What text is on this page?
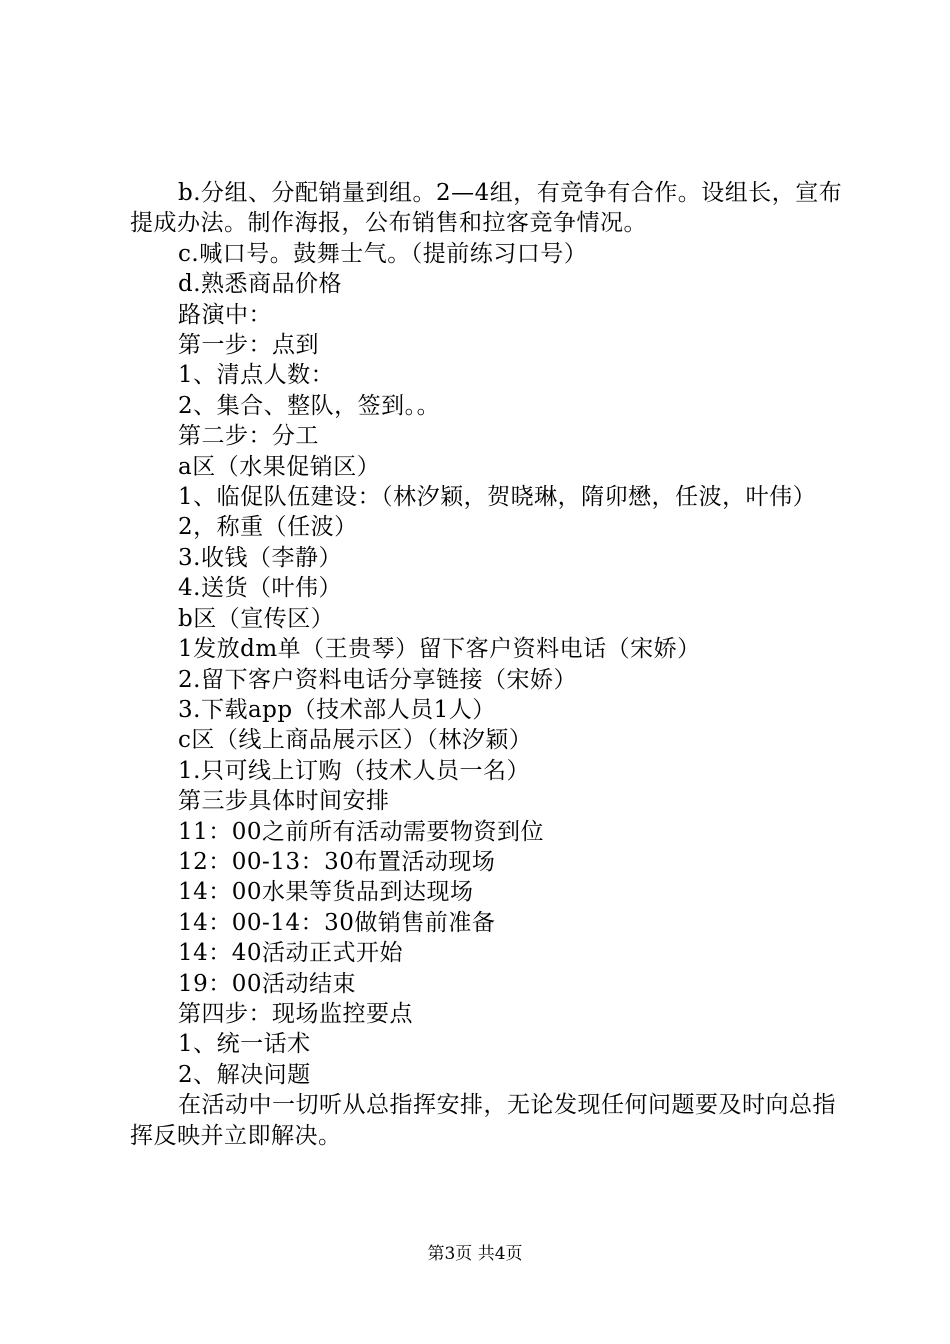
b.分组、分配销量到组。2—4组，有竞争有合作。设组长，宣布提成办法。制作海报，公布销售和拉客竞争情况。

c.喊口号。鼓舞士气。（提前练习口号）

d.熟悉商品价格

路演中：

第一步：点到

1、清点人数：

2、集合、整队，签到。。

第二步：分工

a区（水果促销区）

1、临促队伍建设：（林汐颖，贺晓琳，隋卯懋，任波，叶伟）

2，称重（任波）

3.收钱（李静）

4.送货（叶伟）

b区（宣传区）

1发放dm单（王贵琴）留下客户资料电话（宋娇）

2.留下客户资料电话分享链接（宋娇）

3.下载app（技术部人员1人）

c区（线上商品展示区）（林汐颖）

1.只可线上订购（技术人员一名）

第三步具体时间安排

11：00之前所有活动需要物资到位

12：00-13：30布置活动现场

14：00水果等货品到达现场

14：00-14：30做销售前准备

14：40活动正式开始

19：00活动结束

第四步：现场监控要点

1、统一话术

2、解决问题

在活动中一切听从总指挥安排，无论发现任何问题要及时向总指挥反映并立即解决。

第3页 共4页
